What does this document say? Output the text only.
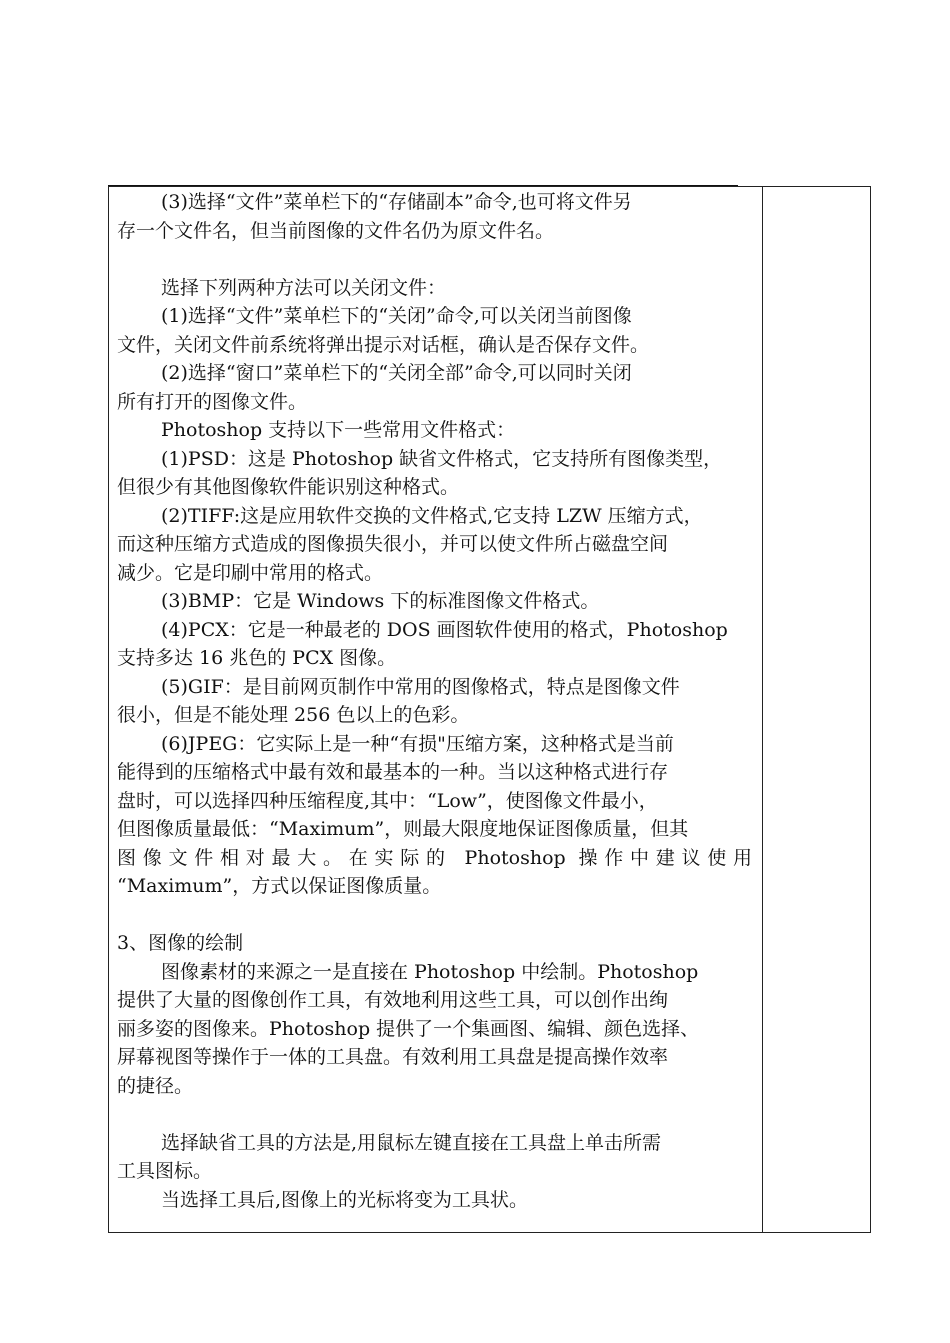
(3)选择“文件”菜单栏下的“存储副本”命令,也可将文件另
存一个文件名，但当前图像的文件名仍为原文件名。
选择下列两种方法可以关闭文件：
(1)选择“文件”菜单栏下的“关闭”命令,可以关闭当前图像
文件，关闭文件前系统将弹出提示对话框，确认是否保存文件。
(2)选择“窗口”菜单栏下的“关闭全部”命令,可以同时关闭
所有打开的图像文件。
Photoshop 支持以下一些常用文件格式：
(1)PSD：这是 Photoshop 缺省文件格式，它支持所有图像类型，
但很少有其他图像软件能识别这种格式。
(2)TIFF:这是应用软件交换的文件格式,它支持 LZW 压缩方式，
而这种压缩方式造成的图像损失很小，并可以使文件所占磁盘空间
减少。它是印刷中常用的格式。
(3)BMP：它是 Windows 下的标准图像文件格式。
(4)PCX：它是一种最老的 DOS 画图软件使用的格式，Photoshop
支持多达 16 兆色的 PCX 图像。
(5)GIF：是目前网页制作中常用的图像格式，特点是图像文件
很小，但是不能处理 256 色以上的色彩。
(6)JPEG：它实际上是一种“有损"压缩方案，这种格式是当前
能得到的压缩格式中最有效和最基本的一种。当以这种格式进行存
盘时，可以选择四种压缩程度,其中：“Low”，使图像文件最小，
但图像质量最低：“Maximum”，则最大限度地保证图像质量，但其
图像文件相对最大。在实际的 Photoshop 操作中建议使用
“Maximum”，方式以保证图像质量。
3、图像的绘制
图像素材的来源之一是直接在 Photoshop 中绘制。Photoshop
提供了大量的图像创作工具，有效地利用这些工具，可以创作出绚
丽多姿的图像来。Photoshop 提供了一个集画图、编辑、颜色选择、
屏幕视图等操作于一体的工具盘。有效利用工具盘是提高操作效率
的捷径。
选择缺省工具的方法是,用鼠标左键直接在工具盘上单击所需
工具图标。
当选择工具后,图像上的光标将变为工具状。
